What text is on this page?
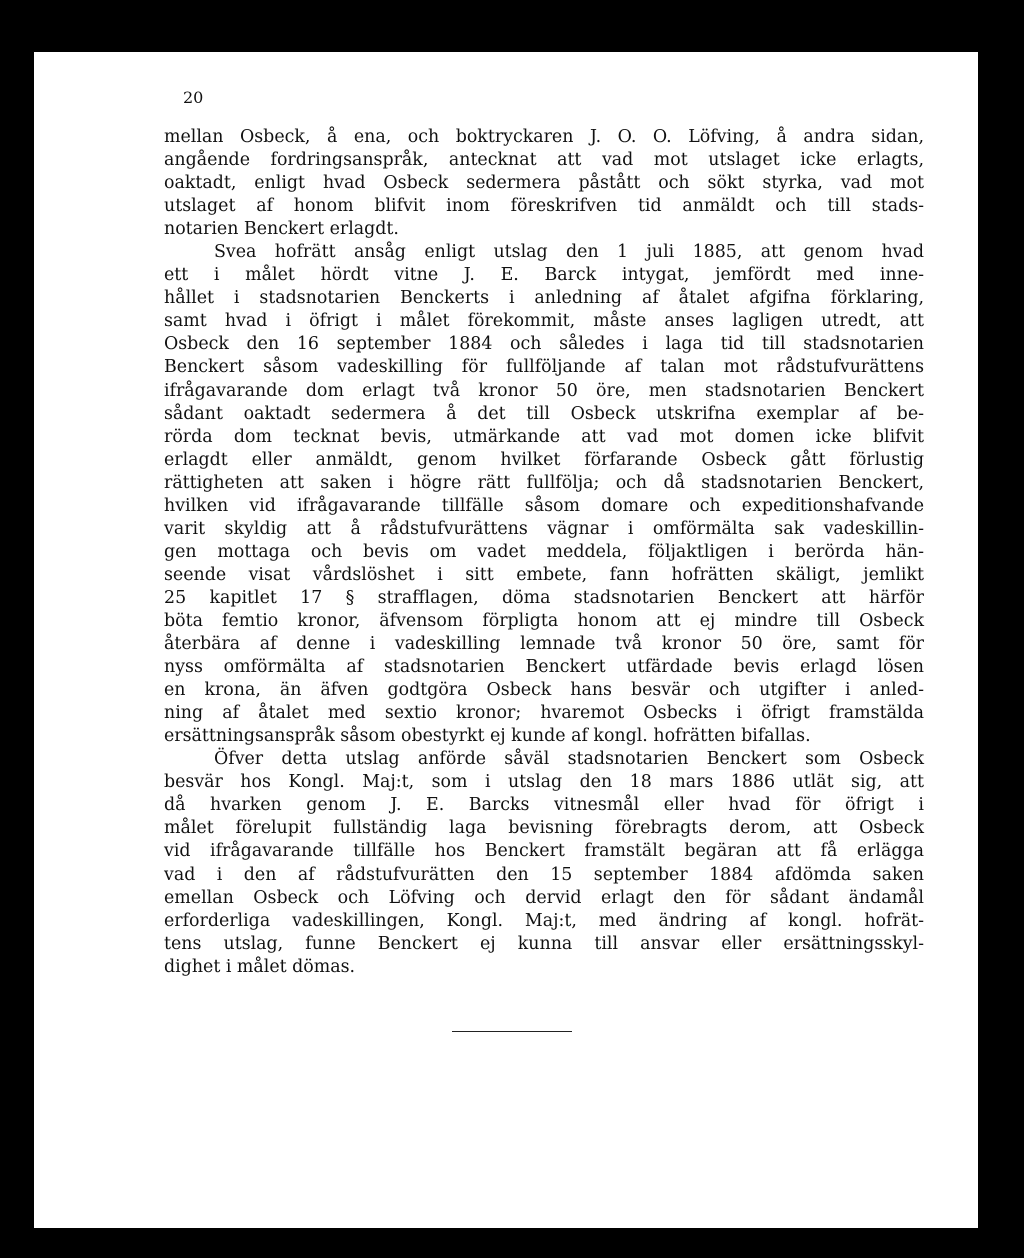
20
mellan Osbeck, å ena, och boktryckaren J. O. O. Löfving, å andra sidan,
angående fordringsanspråk, antecknat att vad mot utslaget icke erlagts,
oaktadt, enligt hvad Osbeck sedermera påstått och sökt styrka, vad mot
utslaget af honom blifvit inom föreskrifven tid anmäldt och till stads-
notarien Benckert erlagdt.
Svea hofrätt ansåg enligt utslag den 1 juli 1885, att genom hvad
ett i målet hördt vitne J. E. Barck intygat, jemfördt med inne-
hållet i stadsnotarien Benckerts i anledning af åtalet afgifna förklaring,
samt hvad i öfrigt i målet förekommit, måste anses lagligen utredt, att
Osbeck den 16 september 1884 och således i laga tid till stadsnotarien
Benckert såsom vadeskilling för fullföljande af talan mot rådstufvurättens
ifrågavarande dom erlagt två kronor 50 öre, men stadsnotarien Benckert
sådant oaktadt sedermera å det till Osbeck utskrifna exemplar af be-
rörda dom tecknat bevis, utmärkande att vad mot domen icke blifvit
erlagdt eller anmäldt, genom hvilket förfarande Osbeck gått förlustig
rättigheten att saken i högre rätt fullfölja; och då stadsnotarien Benckert,
hvilken vid ifrågavarande tillfälle såsom domare och expeditionshafvande
varit skyldig att å rådstufvurättens vägnar i omförmälta sak vadeskillin-
gen mottaga och bevis om vadet meddela, följaktligen i berörda hän-
seende visat vårdslöshet i sitt embete, fann hofrätten skäligt, jemlikt
25 kapitlet 17 § strafflagen, döma stadsnotarien Benckert att härför
böta femtio kronor, äfvensom förpligta honom att ej mindre till Osbeck
återbära af denne i vadeskilling lemnade två kronor 50 öre, samt för
nyss omförmälta af stadsnotarien Benckert utfärdade bevis erlagd lösen
en krona, än äfven godtgöra Osbeck hans besvär och utgifter i anled-
ning af åtalet med sextio kronor; hvaremot Osbecks i öfrigt framstälda
ersättningsanspråk såsom obestyrkt ej kunde af kongl. hofrätten bifallas.
Öfver detta utslag anförde såväl stadsnotarien Benckert som Osbeck
besvär hos Kongl. Maj:t, som i utslag den 18 mars 1886 utlät sig, att
då hvarken genom J. E. Barcks vitnesmål eller hvad för öfrigt i
målet förelupit fullständig laga bevisning förebragts derom, att Osbeck
vid ifrågavarande tillfälle hos Benckert framstält begäran att få erlägga
vad i den af rådstufvurätten den 15 september 1884 afdömda saken
emellan Osbeck och Löfving och dervid erlagt den för sådant ändamål
erforderliga vadeskillingen, Kongl. Maj:t, med ändring af kongl. hofrät-
tens utslag, funne Benckert ej kunna till ansvar eller ersättningsskyl-
dighet i målet dömas.
